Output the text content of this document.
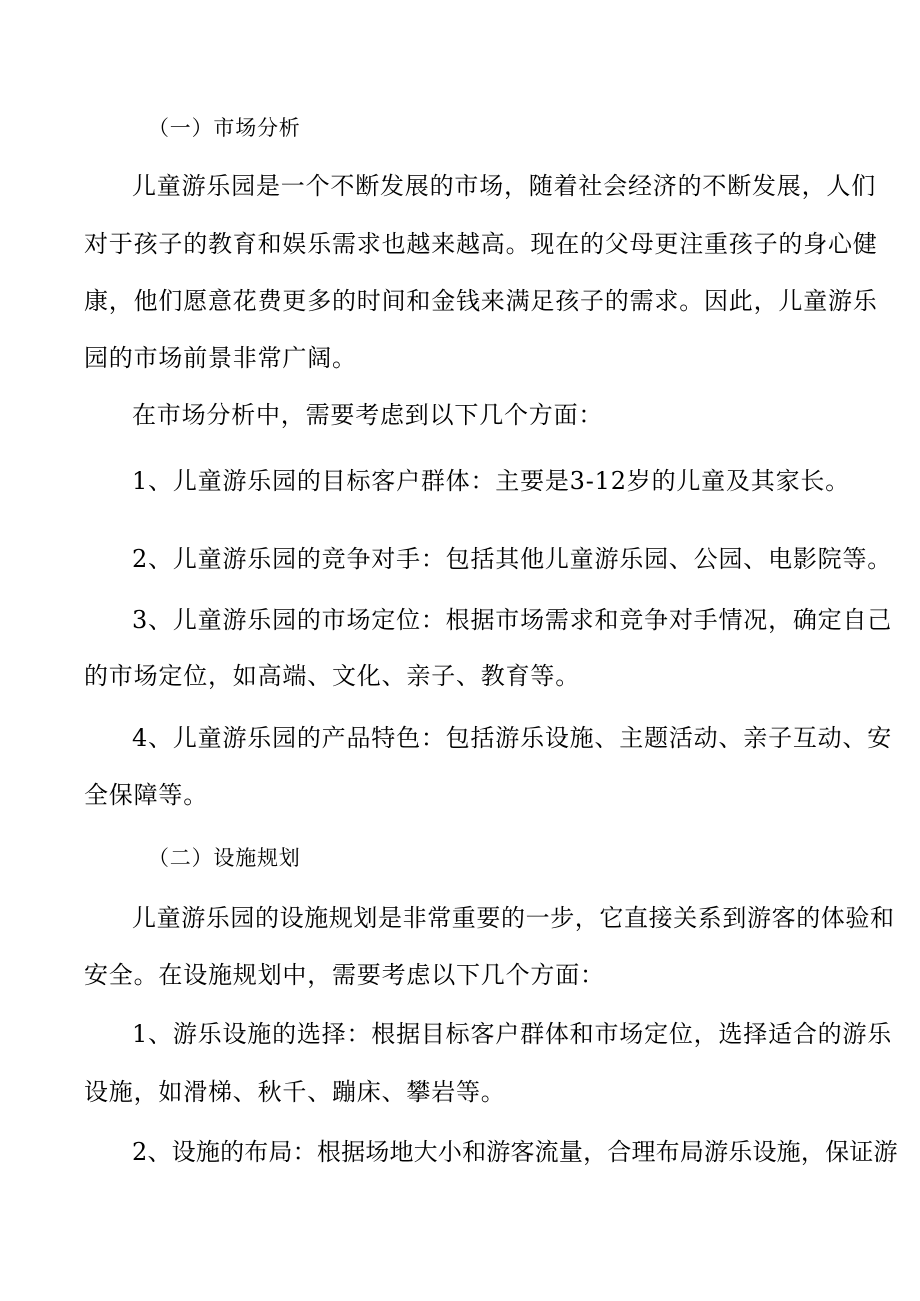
（一）市场分析
儿童游乐园是一个不断发展的市场，随着社会经济的不断发展，人们
对于孩子的教育和娱乐需求也越来越高。现在的父母更注重孩子的身心健
康，他们愿意花费更多的时间和金钱来满足孩子的需求。因此，儿童游乐
园的市场前景非常广阔。
在市场分析中，需要考虑到以下几个方面：
1、儿童游乐园的目标客户群体：主要是3-12岁的儿童及其家长。
2、儿童游乐园的竞争对手：包括其他儿童游乐园、公园、电影院等。
3、儿童游乐园的市场定位：根据市场需求和竞争对手情况，确定自己
的市场定位，如高端、文化、亲子、教育等。
4、儿童游乐园的产品特色：包括游乐设施、主题活动、亲子互动、安
全保障等。
（二）设施规划
儿童游乐园的设施规划是非常重要的一步，它直接关系到游客的体验和
安全。在设施规划中，需要考虑以下几个方面：
1、游乐设施的选择：根据目标客户群体和市场定位，选择适合的游乐
设施，如滑梯、秋千、蹦床、攀岩等。
2、设施的布局：根据场地大小和游客流量，合理布局游乐设施，保证游
